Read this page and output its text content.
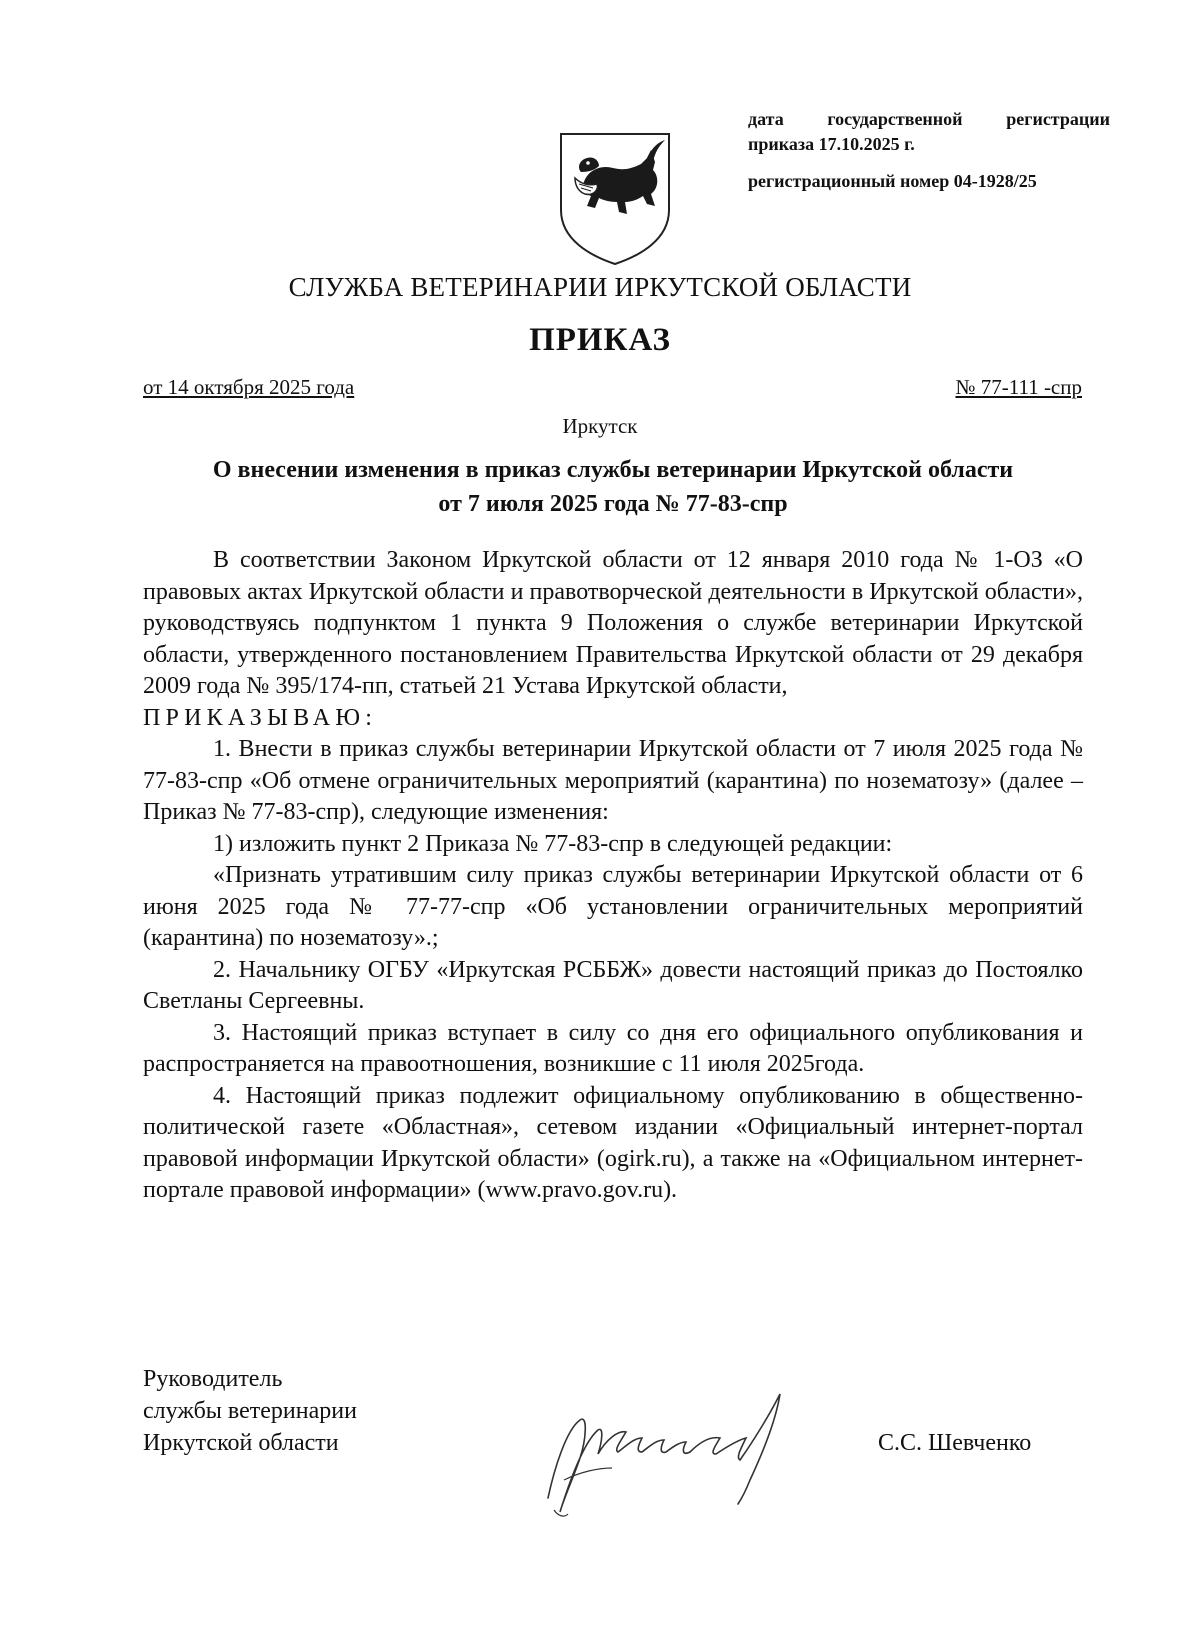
дата государственной регистрации
приказа 17.10.2025 г.
регистрационный номер 04-1928/25
СЛУЖБА ВЕТЕРИНАРИИ ИРКУТСКОЙ ОБЛАСТИ
ПРИКАЗ
от 14 октября 2025 года	№ 77-111 -спр
Иркутск
О внесении изменения в приказ службы ветеринарии Иркутской области
от 7 июля 2025 года № 77-83-спр

В соответствии Законом Иркутской области от 12 января 2010 года № 1-ОЗ «О правовых актах Иркутской области и правотворческой деятельности в Иркутской области», руководствуясь подпунктом 1 пункта 9 Положения о службе ветеринарии Иркутской области, утвержденного постановлением Правительства Иркутской области от 29 декабря 2009 года № 395/174-пп, статьей 21 Устава Иркутской области,

ПРИКАЗЫВАЮ:

1. Внести в приказ службы ветеринарии Иркутской области от 7 июля 2025 года № 77-83-спр «Об отмене ограничительных мероприятий (карантина) по нозематозу» (далее – Приказ № 77-83-спр), следующие изменения:

1) изложить пункт 2 Приказа № 77-83-спр в следующей редакции:

«Признать утратившим силу приказ службы ветеринарии Иркутской области от 6 июня 2025 года № 77-77-спр «Об установлении ограничительных мероприятий (карантина) по нозематозу».;

2. Начальнику ОГБУ «Иркутская РСББЖ» довести настоящий приказ до Постоялко Светланы Сергеевны.

3. Настоящий приказ вступает в силу со дня его официального опубликования и распространяется на правоотношения, возникшие с 11 июля 2025года.

4. Настоящий приказ подлежит официальному опубликованию в общественно-политической газете «Областная», сетевом издании «Официальный интернет-портал правовой информации Иркутской области» (ogirk.ru), а также на «Официальном интернет-портале правовой информации» (www.pravo.gov.ru).

Руководитель
службы ветеринарии
Иркутской области	С.С. Шевченко
